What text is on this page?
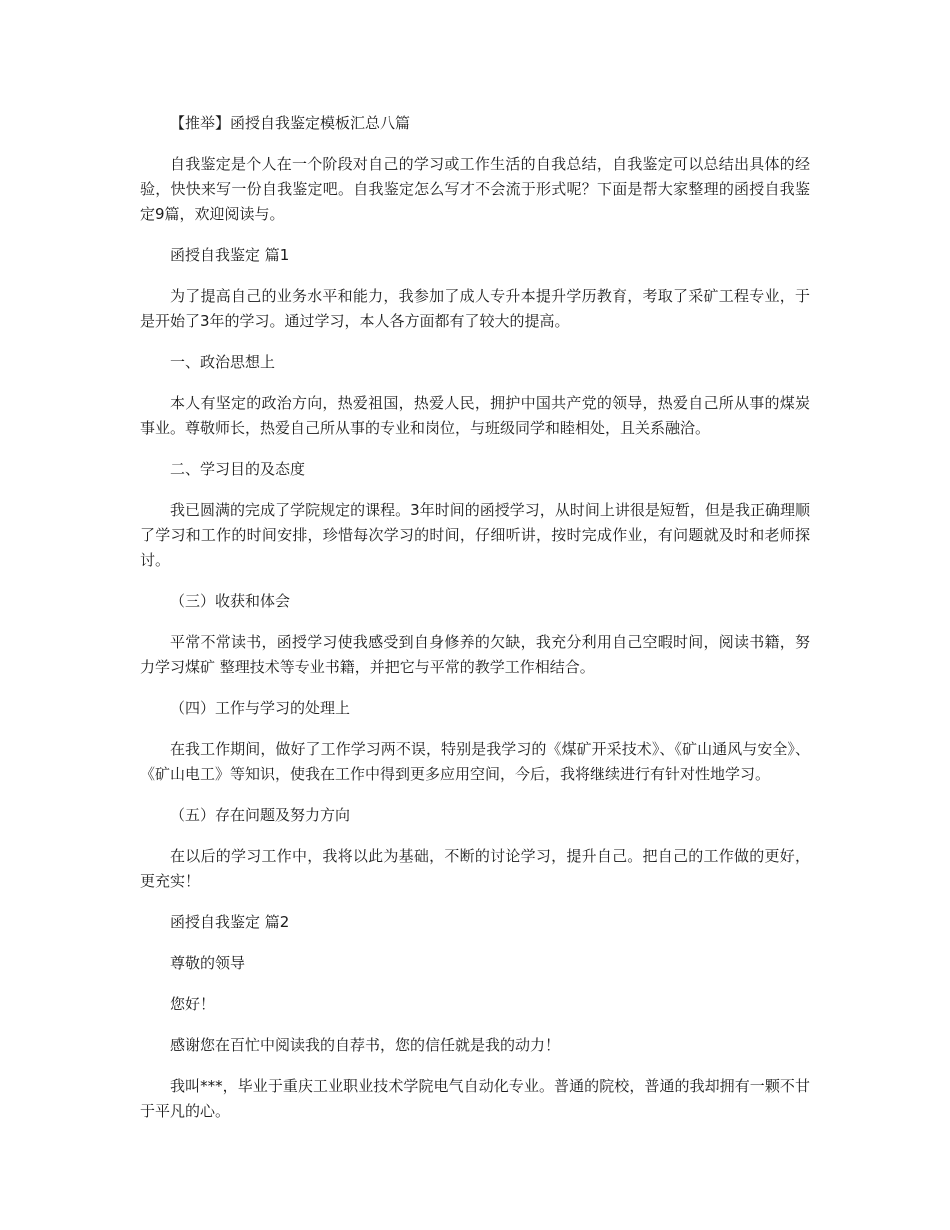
【推举】函授自我鉴定模板汇总八篇

自我鉴定是个人在一个阶段对自己的学习或工作生活的自我总结，自我鉴定可以总结出具体的经验，快快来写一份自我鉴定吧。自我鉴定怎么写才不会流于形式呢？下面是帮大家整理的函授自我鉴定9篇，欢迎阅读与。

函授自我鉴定 篇1

为了提高自己的业务水平和能力，我参加了成人专升本提升学历教育，考取了采矿工程专业，于是开始了3年的学习。通过学习，本人各方面都有了较大的提高。

一、政治思想上

本人有坚定的政治方向，热爱祖国，热爱人民，拥护中国共产党的领导，热爱自己所从事的煤炭事业。尊敬师长，热爱自己所从事的专业和岗位，与班级同学和睦相处，且关系融洽。

二、学习目的及态度

我已圆满的完成了学院规定的课程。3年时间的函授学习，从时间上讲很是短暂，但是我正确理顺了学习和工作的时间安排，珍惜每次学习的时间，仔细听讲，按时完成作业，有问题就及时和老师探讨。

（三）收获和体会

平常不常读书，函授学习使我感受到自身修养的欠缺，我充分利用自己空暇时间，阅读书籍，努力学习煤矿 整理技术等专业书籍，并把它与平常的教学工作相结合。

（四）工作与学习的处理上

在我工作期间，做好了工作学习两不误，特别是我学习的《煤矿开采技术》、《矿山通风与安全》、《矿山电工》等知识，使我在工作中得到更多应用空间，今后，我将继续进行有针对性地学习。

（五）存在问题及努力方向

在以后的学习工作中，我将以此为基础，不断的讨论学习，提升自己。把自己的工作做的更好，更充实！

函授自我鉴定 篇2

尊敬的领导

您好！

感谢您在百忙中阅读我的自荐书，您的信任就是我的动力！

我叫***，毕业于重庆工业职业技术学院电气自动化专业。普通的院校，普通的我却拥有一颗不甘于平凡的心。
